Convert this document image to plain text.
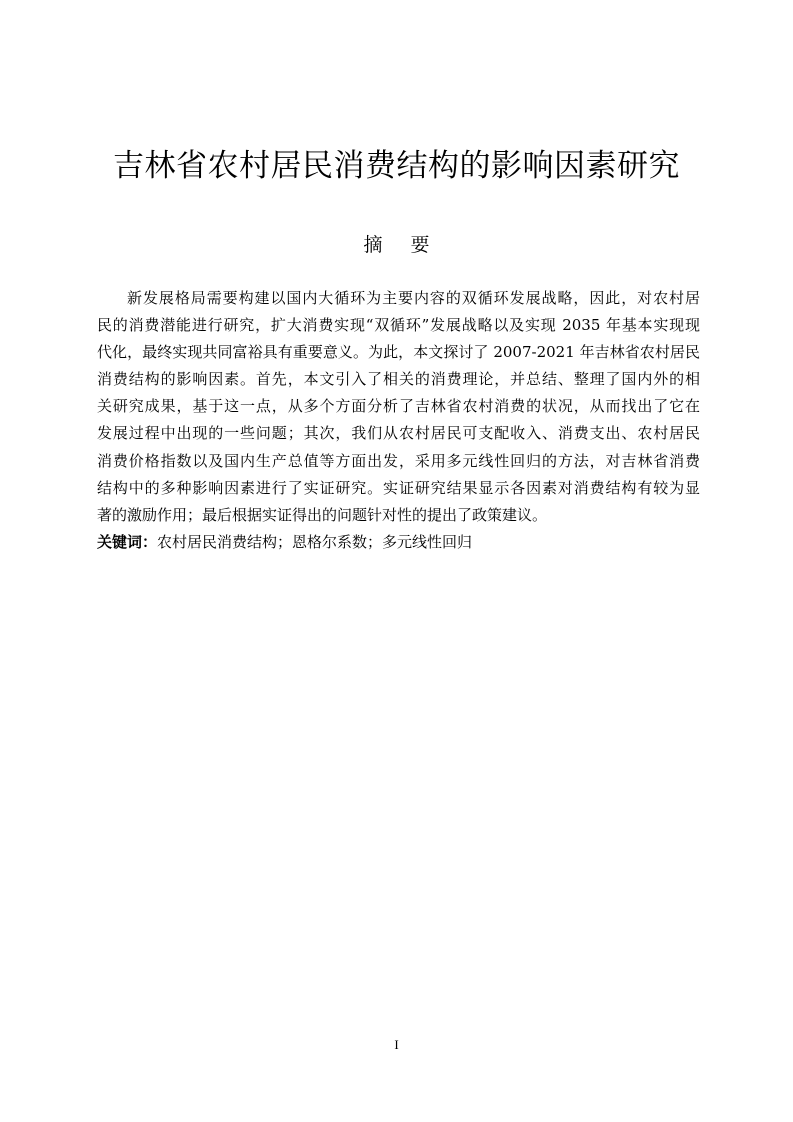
吉林省农村居民消费结构的影响因素研究
摘 要
新发展格局需要构建以国内大循环为主要内容的双循环发展战略，因此，对农村居
民的消费潜能进行研究，扩大消费实现“双循环”发展战略以及实现 2035 年基本实现现
代化，最终实现共同富裕具有重要意义。为此，本文探讨了 2007-2021 年吉林省农村居民
消费结构的影响因素。首先，本文引入了相关的消费理论，并总结、整理了国内外的相
关研究成果，基于这一点，从多个方面分析了吉林省农村消费的状况，从而找出了它在
发展过程中出现的一些问题；其次，我们从农村居民可支配收入、消费支出、农村居民
消费价格指数以及国内生产总值等方面出发，采用多元线性回归的方法，对吉林省消费
结构中的多种影响因素进行了实证研究。实证研究结果显示各因素对消费结构有较为显
著的激励作用；最后根据实证得出的问题针对性的提出了政策建议。
关键词：农村居民消费结构；恩格尔系数；多元线性回归
I
